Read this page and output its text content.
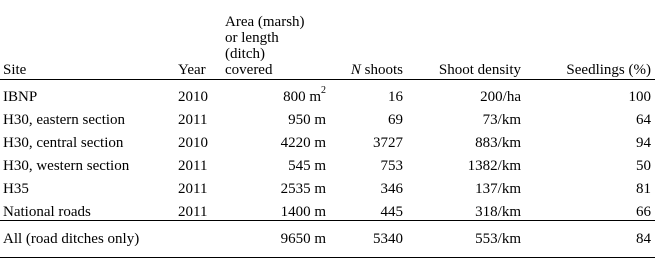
Site	Year	Area (marsh)
or length
(ditch)
covered	N shoots	Shoot density	Seedlings (%)
IBNP	2010	800 $m^2$	16	200/ha	100
H30, eastern section	2011	950 m	69	73/km	64
H30, central section	2010	4220 m	3727	883/km	94
H30, western section	2011	545 m	753	1382/km	50
H35	2011	2535 m	346	137/km	81
National roads	2011	1400 m	445	318/km	66
All (road ditches only)		9650 m	5340	553/km	84
